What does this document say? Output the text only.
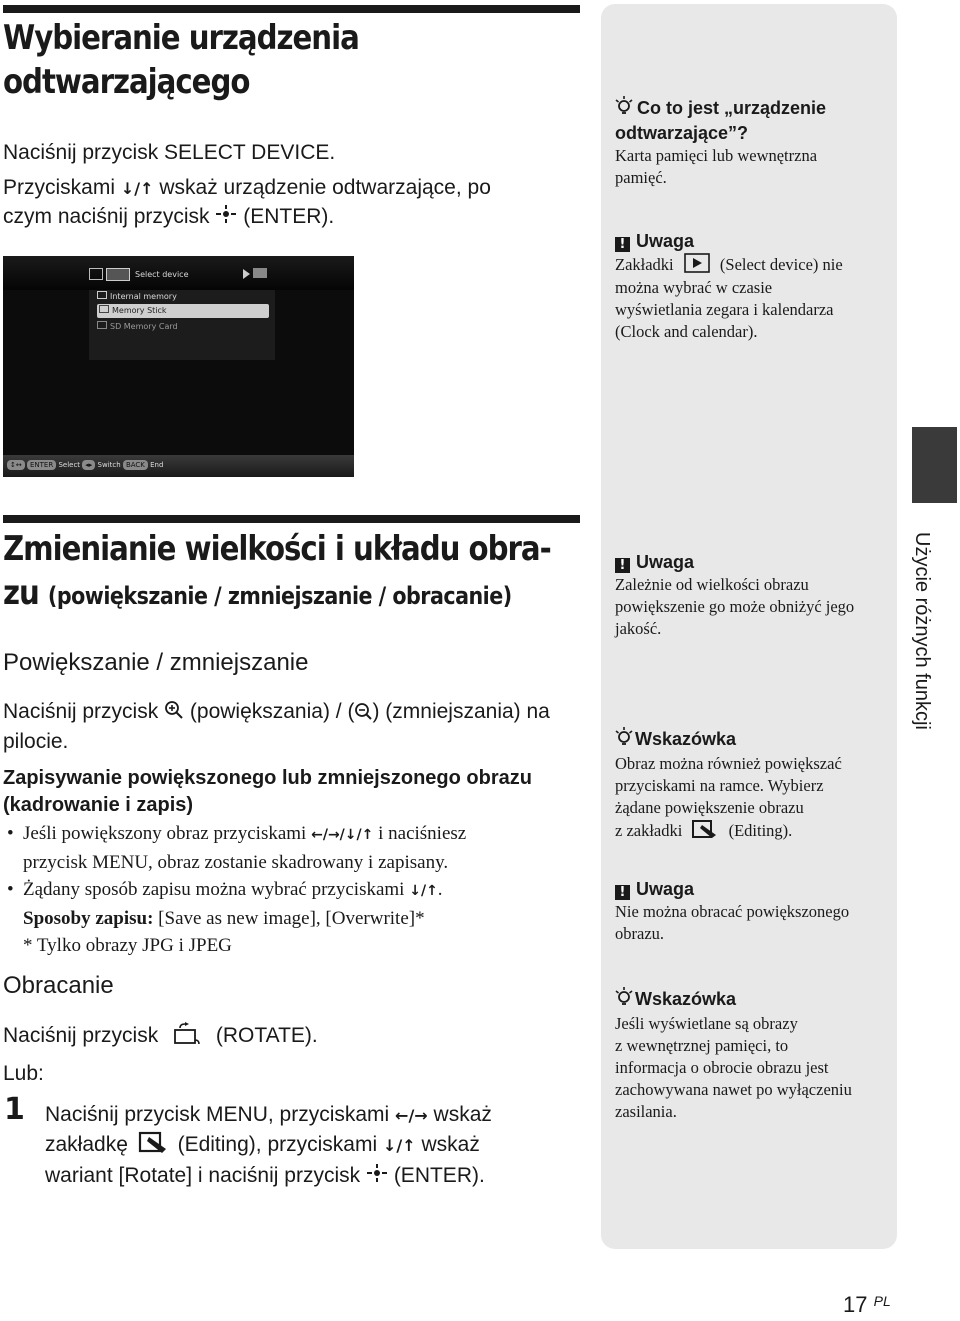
Wybieranie urządzenia
odtwarzającego
Naciśnij przycisk SELECT DEVICE.
Przyciskami ↓/↑ wskaż urządzenie odtwarzające, po
czym naciśnij przycisk (ENTER).
Select device
Internal memory
Memory Stick
SD Memory Card
↕↔ ENTER Select ◂▸ Switch BACK End
Co to jest „urządzenie
odtwarzające”?
Karta pamięci lub wewnętrzna
pamięć.
! Uwaga
Zakładki	(Select device) nie
można wybrać w czasie
wyświetlania zegara i kalendarza
(Clock and calendar).
! Uwaga
Zależnie od wielkości obrazu
powiększenie go może obniżyć jego
jakość.
Wskazówka
Obraz można również powiększać
przyciskami na ramce. Wybierz
żądane powiększenie obrazu
z zakładki	(Editing).
! Uwaga
Nie można obracać powiększonego
obrazu.
Wskazówka
Jeśli wyświetlane są obrazy
z wewnętrznej pamięci, to
informacja o obrocie obrazu jest
zachowywana nawet po wyłączeniu
zasilania.
Użycie różnych funkcji
Zmienianie wielkości i układu obra-
zu (powiększanie / zmniejszanie / obracanie)
Powiększanie / zmniejszanie
Naciśnij przycisk (powiększania) / ( ) (zmniejszania) na
pilocie.
Zapisywanie powiększonego lub zmniejszonego obrazu
(kadrowanie i zapis)
• Jeśli powiększony obraz przyciskami ←/→/↓/↑ i naciśniesz
przycisk MENU, obraz zostanie skadrowany i zapisany.
• Żądany sposób zapisu można wybrać przyciskami ↓/↑.
Sposoby zapisu: [Save as new image], [Overwrite]*
* Tylko obrazy JPG i JPEG
Obracanie
Naciśnij przycisk	(ROTATE).
Lub:
1 Naciśnij przycisk MENU, przyciskami ←/→ wskaż
zakładkę (Editing), przyciskami ↓/↑ wskaż
wariant [Rotate] i naciśnij przycisk (ENTER).
17 $^{PL}$
